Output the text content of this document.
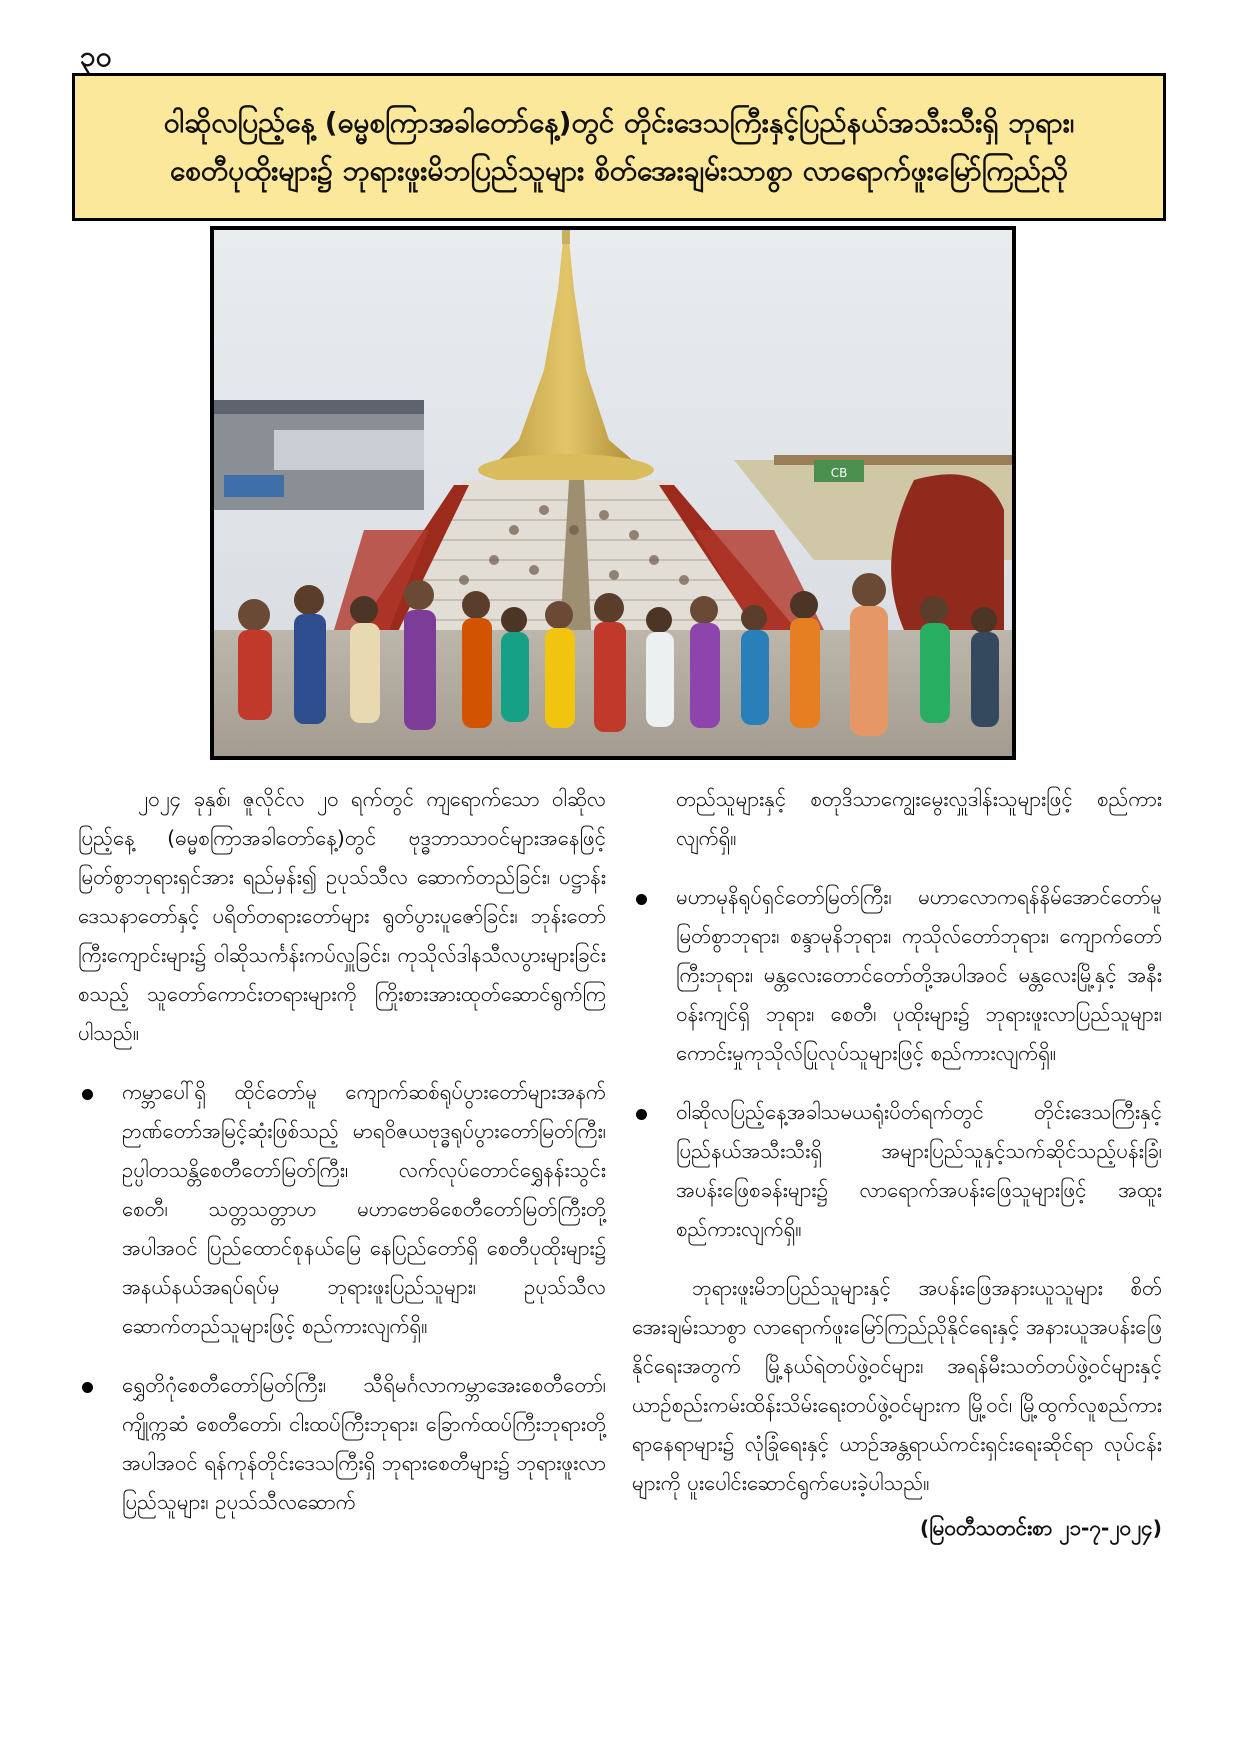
၃၀

ဝါဆိုလပြည့်နေ့ (ဓမ္မစကြာအခါတော်နေ့)တွင် တိုင်းဒေသကြီးနှင့်ပြည်နယ်အသီးသီးရှိ ဘုရား၊
စေတီပုထိုးများ၌ ဘုရားဖူးမိဘပြည်သူများ စိတ်အေးချမ်းသာစွာ လာရောက်ဖူးမြော်ကြည်ညို

CB

၂၀၂၄ ခုနှစ်၊ ဇူလိုင်လ ၂၀ ရက်တွင် ကျရောက်သော ဝါဆိုလပြည့်နေ့ (ဓမ္မစကြာအခါတော်နေ့)တွင် ဗုဒ္ဓဘာသာဝင်များအနေဖြင့် မြတ်စွာဘုရားရှင်အား ရည်မှန်း၍ ဥပုသ်သီလ ဆောက်တည်ခြင်း၊ ပဋ္ဌာန်းဒေသနာတော်နှင့် ပရိတ်တရားတော်များ ရွတ်ပွားပူဇော်ခြင်း၊ ဘုန်းတော်ကြီးကျောင်းများ၌ ဝါဆိုသင်္ကန်းကပ်လှူခြင်း၊ ကုသိုလ်ဒါနသီလပွားများခြင်း စသည့် သူတော်ကောင်းတရားများကို ကြိုးစားအားထုတ်ဆောင်ရွက်ကြပါသည်။

ကမ္ဘာပေါ်ရှိ ထိုင်တော်မူ ကျောက်ဆစ်ရုပ်ပွားတော်များအနက် ဉာဏ်တော်အမြင့်ဆုံးဖြစ်သည့် မာရဝိဇယဗုဒ္ဓရုပ်ပွားတော်မြတ်ကြီး၊ ဥပ္ပါတသန္တိစေတီတော်မြတ်ကြီး၊ လက်လုပ်တောင်ရွှေနန်းသွင်းစေတီ၊ သတ္တသတ္တာဟ မဟာဗောဓိစေတီတော်မြတ်ကြီးတို့အပါအဝင် ပြည်ထောင်စုနယ်မြေ နေပြည်တော်ရှိ စေတီပုထိုးများ၌ အနယ်နယ်အရပ်ရပ်မှ ဘုရားဖူးပြည်သူများ၊ ဥပုသ်သီလဆောက်တည်သူများဖြင့် စည်ကားလျက်ရှိ။
ရွှေတိဂုံစေတီတော်မြတ်ကြီး၊ သီရိမင်္ဂလာကမ္ဘာအေးစေတီတော်၊ ကျိုက္ကဆံ စေတီတော်၊ ငါးထပ်ကြီးဘုရား၊ ခြောက်ထပ်ကြီးဘုရားတို့အပါအဝင် ရန်ကုန်တိုင်းဒေသကြီးရှိ ဘုရားစေတီများ၌ ဘုရားဖူးလာပြည်သူများ၊ ဥပုသ်သီလဆောက်

တည်သူများနှင့် စတုဒိသာကျွေးမွေးလှူဒါန်းသူများဖြင့် စည်ကားလျက်ရှိ။

မဟာမုနိရုပ်ရှင်တော်မြတ်ကြီး၊ မဟာလောကရန်နိမ်အောင်တော်မူမြတ်စွာဘုရား၊ စန္ဒာမုနိဘုရား၊ ကုသိုလ်တော်ဘုရား၊ ကျောက်တော်ကြီးဘုရား၊ မန္တလေးတောင်တော်တို့အပါအဝင် မန္တလေးမြို့နှင့် အနီးဝန်းကျင်ရှိ ဘုရား၊ စေတီ၊ ပုထိုးများ၌ ဘုရားဖူးလာပြည်သူများ၊ ကောင်းမှုကုသိုလ်ပြုလုပ်သူများဖြင့် စည်ကားလျက်ရှိ။
ဝါဆိုလပြည့်နေ့အခါသမယရုံးပိတ်ရက်တွင် တိုင်းဒေသကြီးနှင့် ပြည်နယ်အသီးသီးရှိ အများပြည်သူနှင့်သက်ဆိုင်သည့်ပန်းခြံ၊ အပန်းဖြေစခန်းများ၌ လာရောက်အပန်းဖြေသူများဖြင့် အထူးစည်ကားလျက်ရှိ။

ဘုရားဖူးမိဘပြည်သူများနှင့် အပန်းဖြေအနားယူသူများ စိတ်အေးချမ်းသာစွာ လာရောက်ဖူးမြော်ကြည်ညိုနိုင်ရေးနှင့် အနားယူအပန်းဖြေနိုင်ရေးအတွက် မြို့နယ်ရဲတပ်ဖွဲ့ဝင်များ၊ အရန်မီးသတ်တပ်ဖွဲ့ဝင်များနှင့် ယာဉ်စည်းကမ်းထိန်းသိမ်းရေးတပ်ဖွဲ့ဝင်များက မြို့ဝင်၊ မြို့ထွက်လူစည်ကားရာနေရာများ၌ လုံခြုံရေးနှင့် ယာဉ်အန္တရာယ်ကင်းရှင်းရေးဆိုင်ရာ လုပ်ငန်းများကို ပူးပေါင်းဆောင်ရွက်ပေးခဲ့ပါသည်။

(မြဝတီသတင်းစာ ၂၁-၇-၂၀၂၄)
